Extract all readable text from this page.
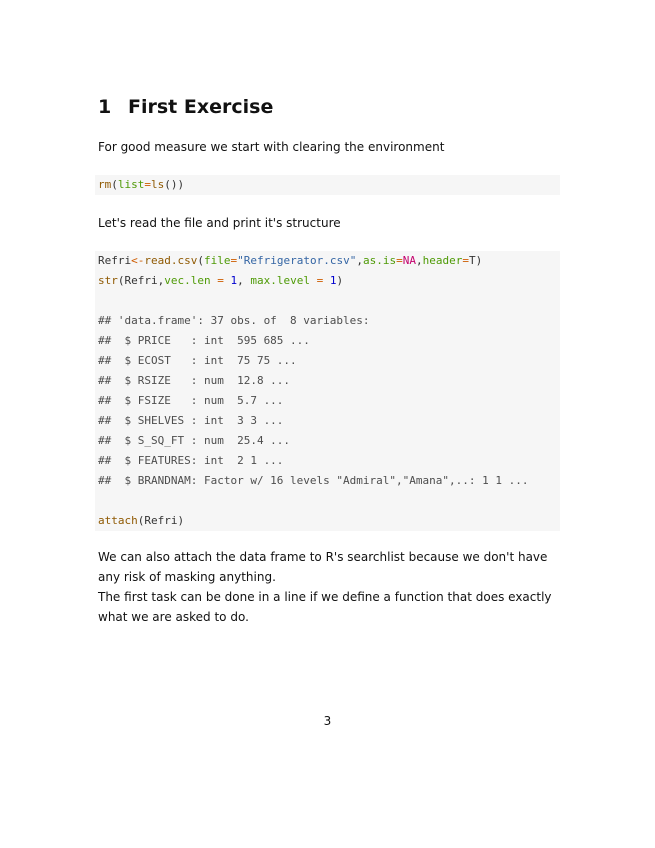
1 First Exercise

For good measure we start with clearing the environment

rm(list=ls())

Let's read the file and print it's structure

Refri<-read.csv(file="Refrigerator.csv",as.is=NA,header=T)
str(Refri,vec.len = 1, max.level = 1)

## 'data.frame': 37 obs. of  8 variables:
##  $ PRICE   : int  595 685 ...
##  $ ECOST   : int  75 75 ...
##  $ RSIZE   : num  12.8 ...
##  $ FSIZE   : num  5.7 ...
##  $ SHELVES : int  3 3 ...
##  $ S_SQ_FT : num  25.4 ...
##  $ FEATURES: int  2 1 ...
##  $ BRANDNAM: Factor w/ 16 levels "Admiral","Amana",..: 1 1 ...

attach(Refri)

We can also attach the data frame to R's searchlist because we don't have any risk of masking anything.

The first task can be done in a line if we define a function that does exactly what we are asked to do.

3
